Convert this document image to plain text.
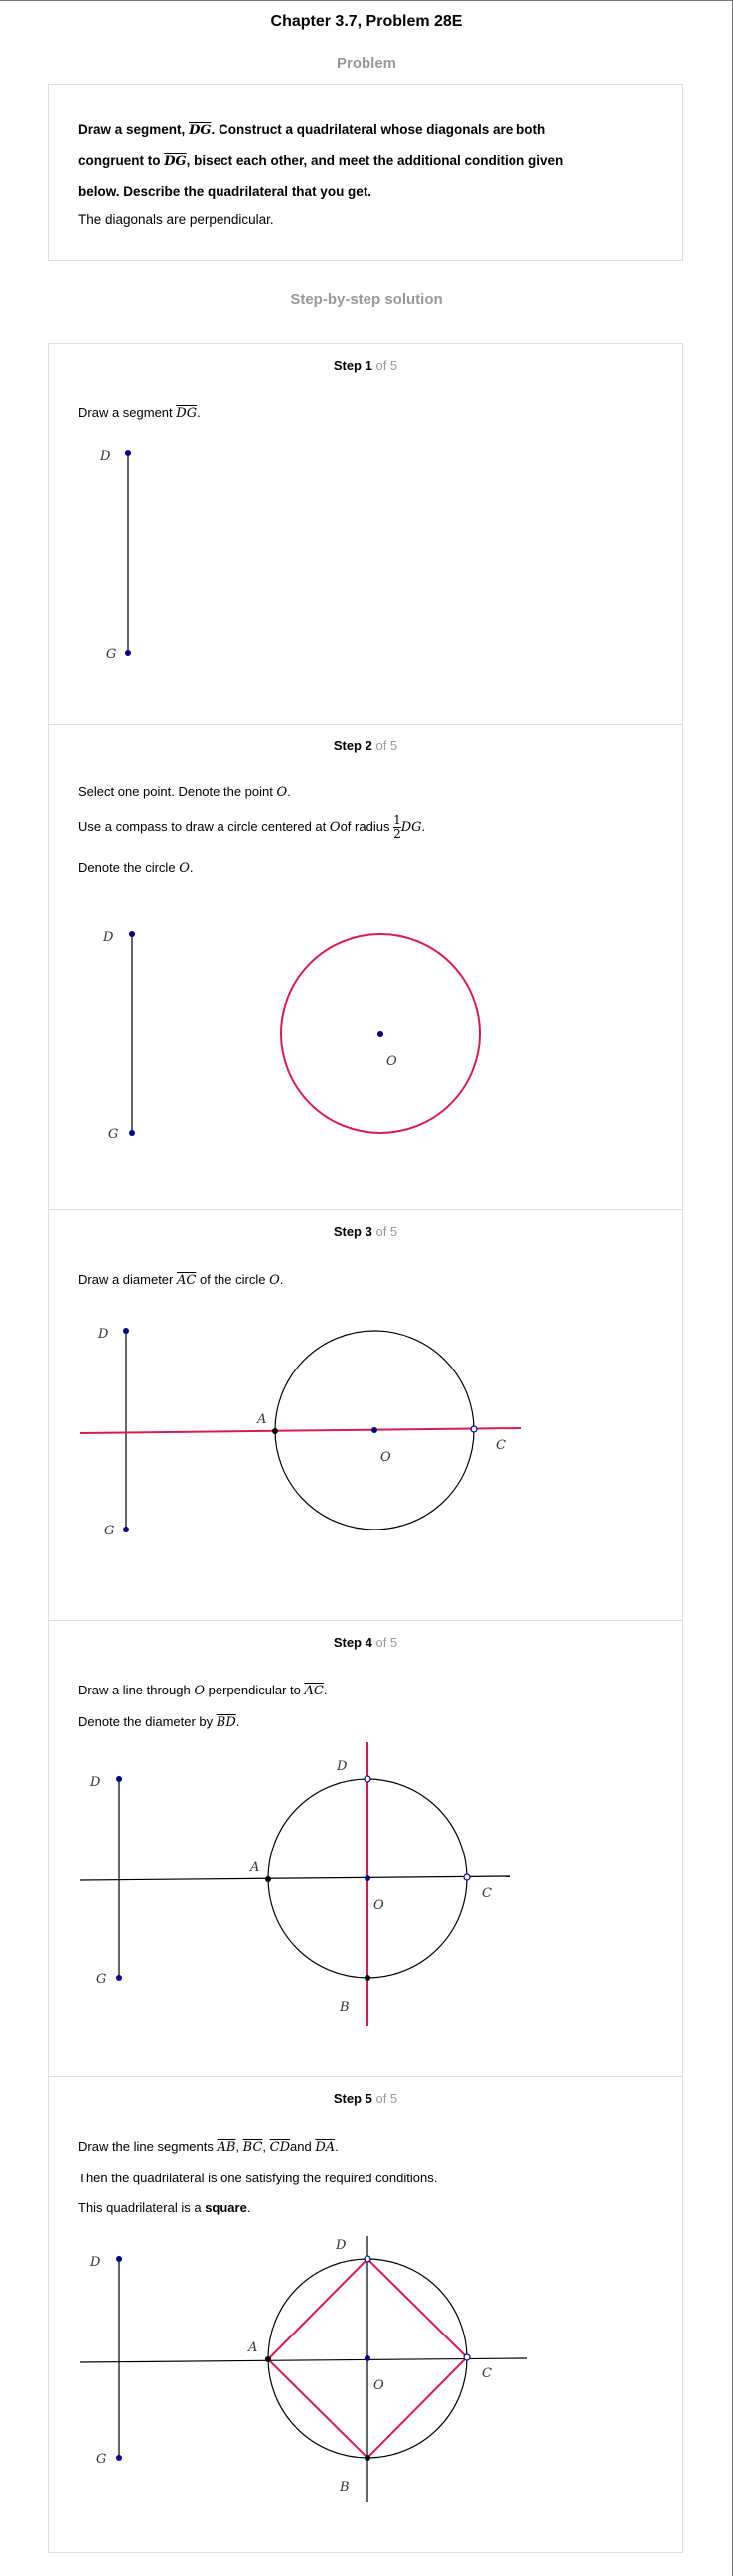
Chapter 3.7, Problem 28E
Problem
Draw a segment, $\overline{DG}$. Construct a quadrilateral whose diagonals are both
congruent to $\overline{DG}$, bisect each other, and meet the additional condition given
below. Describe the quadrilateral that you get.
The diagonals are perpendicular.
Step-by-step solution
Step 1 of 5
Draw a segment $\overline{DG}$.
D
G
Step 2 of 5
Select one point. Denote the point O.
Use a compass to draw a circle centered at Oof radius $\frac{1}{2}$ DG.
Denote the circle O.
D
G
O
Step 3 of 5
Draw a diameter $\overline{AC}$ of the circle O.
D
G
A
C
O
Step 4 of 5
Draw a line through O perpendicular to $\overline{AC}$.
Denote the diameter by $\overline{BD}$.
D
G
D
A
C
O
B
Step 5 of 5
Draw the line segments $\overline{AB}$, $\overline{BC}$, $\overline{CD}and$ $\overline{DA}$.
Then the quadrilateral is one satisfying the required conditions.
This quadrilateral is a square.
D
G
D
A
C
O
B
